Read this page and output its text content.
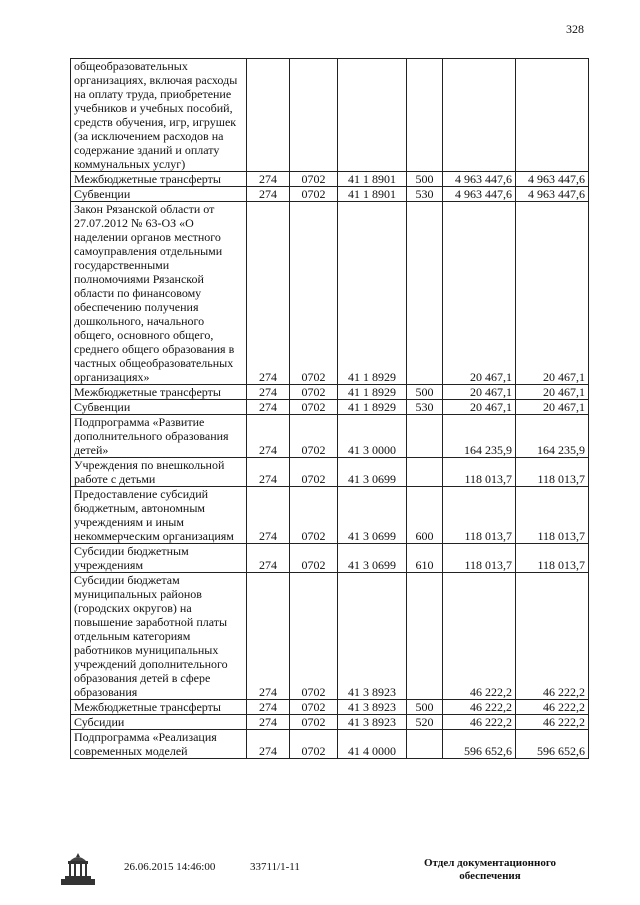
328
общеобразовательных организациях, включая расходы на оплату труда, приобретение учебников и учебных пособий, средств обучения, игр, игрушек (за исключением расходов на содержание зданий и оплату коммунальных услуг)						
Межбюджетные трансферты	274	0702	41 1 8901	500	4 963 447,6	4 963 447,6
Субвенции	274	0702	41 1 8901	530	4 963 447,6	4 963 447,6
Закон Рязанской области от 27.07.2012 № 63-ОЗ «О наделении органов местного самоуправления отдельными государственными полномочиями Рязанской области по финансовому обеспечению получения дошкольного, начального общего, основного общего, среднего общего образования в частных общеобразовательных организациях»	274	0702	41 1 8929		20 467,1	20 467,1
Межбюджетные трансферты	274	0702	41 1 8929	500	20 467,1	20 467,1
Субвенции	274	0702	41 1 8929	530	20 467,1	20 467,1
Подпрограмма «Развитие дополнительного образования детей»	274	0702	41 3 0000		164 235,9	164 235,9
Учреждения по внешкольной работе с детьми	274	0702	41 3 0699		118 013,7	118 013,7
Предоставление субсидий бюджетным, автономным учреждениям и иным некоммерческим организациям	274	0702	41 3 0699	600	118 013,7	118 013,7
Субсидии бюджетным учреждениям	274	0702	41 3 0699	610	118 013,7	118 013,7
Субсидии бюджетам муниципальных районов (городских округов) на повышение заработной платы отдельным категориям работников муниципальных учреждений дополнительного образования детей в сфере образования	274	0702	41 3 8923		46 222,2	46 222,2
Межбюджетные трансферты	274	0702	41 3 8923	500	46 222,2	46 222,2
Субсидии	274	0702	41 3 8923	520	46 222,2	46 222,2
Подпрограмма «Реализация современных моделей	274	0702	41 4 0000		596 652,6	596 652,6
26.06.2015 14:46:00	33711/1-11	Отдел документационного
обеспечения
